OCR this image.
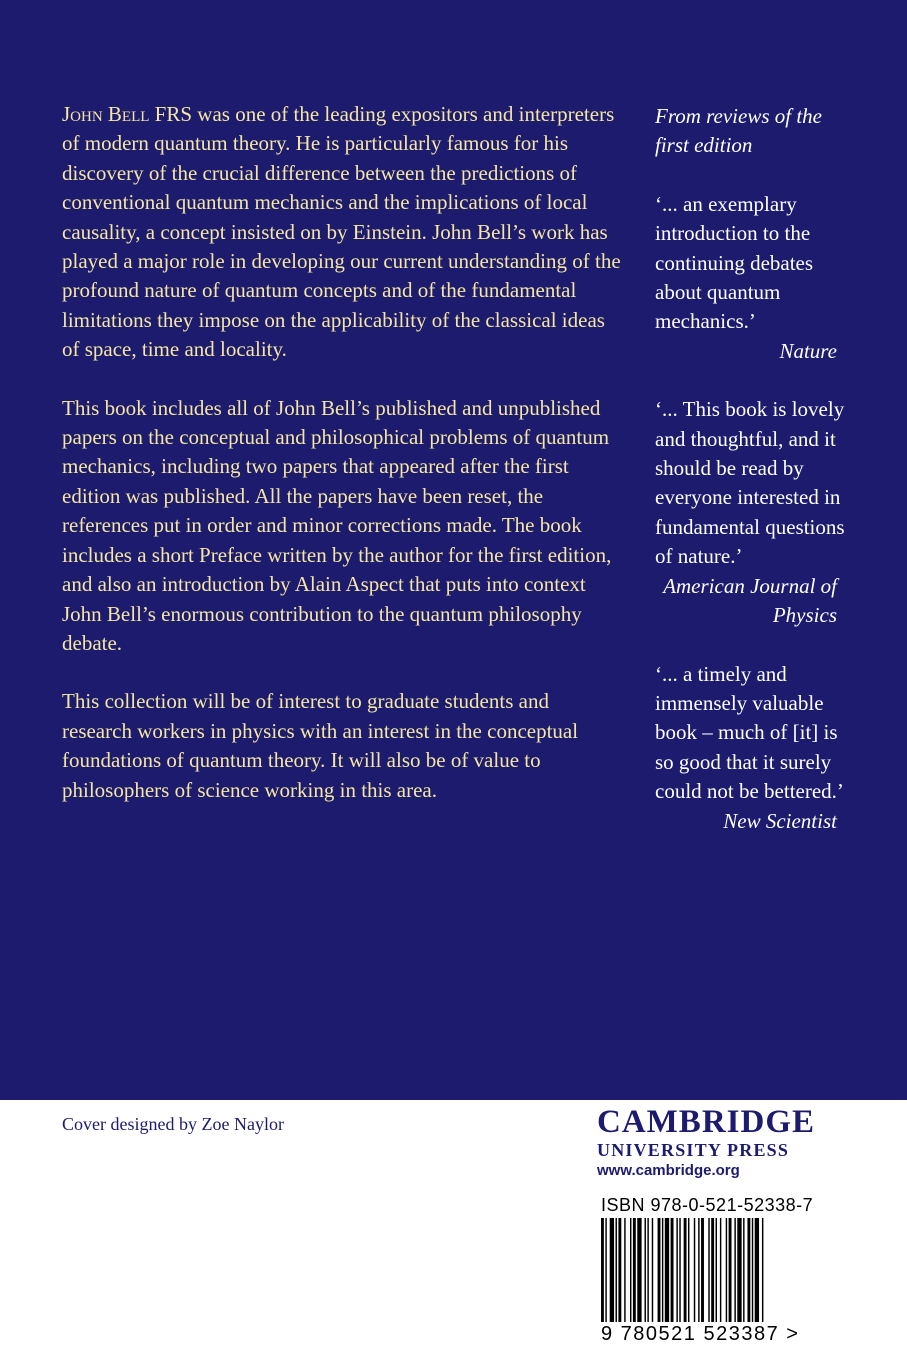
John Bell FRS was one of the leading expositors and interpreters of modern quantum theory. He is particularly famous for his discovery of the crucial difference between the predictions of conventional quantum mechanics and the implications of local causality, a concept insisted on by Einstein. John Bell’s work has played a major role in developing our current understanding of the profound nature of quantum concepts and of the fundamental limitations they impose on the applicability of the classical ideas of space, time and locality.

This book includes all of John Bell’s published and unpublished papers on the conceptual and philosophical problems of quantum mechanics, including two papers that appeared after the first edition was published. All the papers have been reset, the references put in order and minor corrections made. The book includes a short Preface written by the author for the first edition, and also an introduction by Alain Aspect that puts into context John Bell’s enormous contribution to the quantum philosophy debate.

This collection will be of interest to graduate students and research workers in physics with an interest in the conceptual foundations of quantum theory. It will also be of value to philosophers of science working in this area.

From reviews of the first edition

‘... an exemplary introduction to the continuing debates about quantum mechanics.’

Nature

‘... This book is lovely and thoughtful, and it should be read by everyone interested in fundamental questions of nature.’

American Journal of Physics

‘... a timely and immensely valuable book – much of [it] is so good that it surely could not be bettered.’

New Scientist

Cover designed by Zoe Naylor	CAMBRIDGE
UNIVERSITY PRESS
www.cambridge.org
ISBN 978-0-521-52338-7
9 780521 523387 >
